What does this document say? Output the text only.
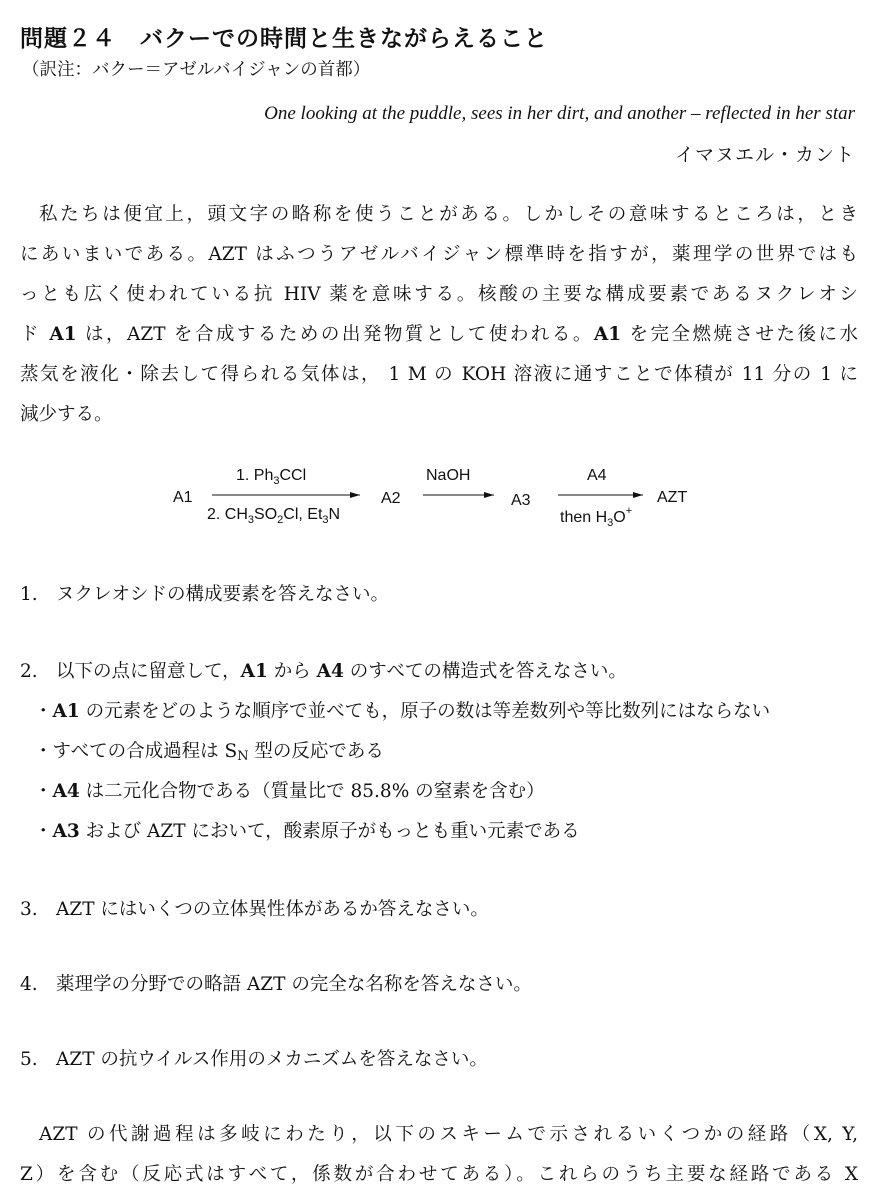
問題２４　バクーでの時間と生きながらえること
（訳注：バクー＝アゼルバイジャンの首都）
One looking at the puddle, sees in her dirt, and another – reflected in her star
イマヌエル・カント
私たちは便宜上，頭文字の略称を使うことがある。しかしその意味するところは，とき
にあいまいである。AZT はふつうアゼルバイジャン標準時を指すが，薬理学の世界ではも
っとも広く使われている抗 HIV 薬を意味する。核酸の主要な構成要素であるヌクレオシ
ド A1 は，AZT を合成するための出発物質として使われる。A1 を完全燃焼させた後に水
蒸気を液化・除去して得られる気体は， 1 M の KOH 溶液に通すことで体積が 11 分の 1 に
減少する。
A1
1. $Ph_3CCl$
2. $CH_3SO_2Cl$, $Et_3N$
A2
NaOH
A3
A4
then $H_3O^+$
AZT
1. ヌクレオシドの構成要素を答えなさい。
2. 以下の点に留意して，A1 から A4 のすべての構造式を答えなさい。
・A1 の元素をどのような順序で並べても，原子の数は等差数列や等比数列にはならない
・すべての合成過程は $S_N$ 型の反応である
・A4 は二元化合物である（質量比で 85.8% の窒素を含む）
・A3 および AZT において，酸素原子がもっとも重い元素である
3. AZT にはいくつの立体異性体があるか答えなさい。
4. 薬理学の分野での略語 AZT の完全な名称を答えなさい。
5. AZT の抗ウイルス作用のメカニズムを答えなさい。
AZT の代謝過程は多岐にわたり，以下のスキームで示されるいくつかの経路（X, Y,
Z）を含む（反応式はすべて，係数が合わせてある）。これらのうち主要な経路である X
